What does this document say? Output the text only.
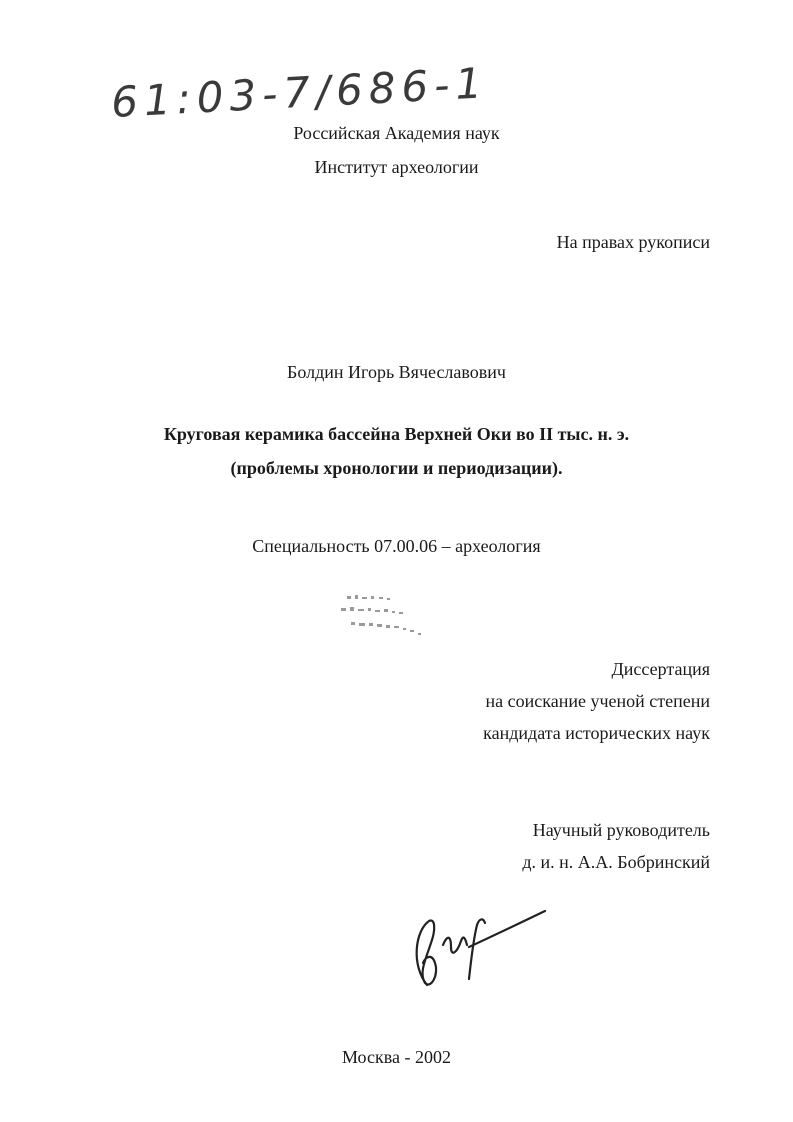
61:03-7/686-1
Российская Академия наук
Институт археологии
На правах рукописи
Болдин Игорь Вячеславович
Круговая керамика бассейна Верхней Оки во II тыс. н. э.
(проблемы хронологии и периодизации).
Специальность 07.00.06 – археология
Диссертация
на соискание ученой степени
кандидата исторических наук
Научный руководитель
д. и. н. А.А. Бобринский
Москва - 2002
